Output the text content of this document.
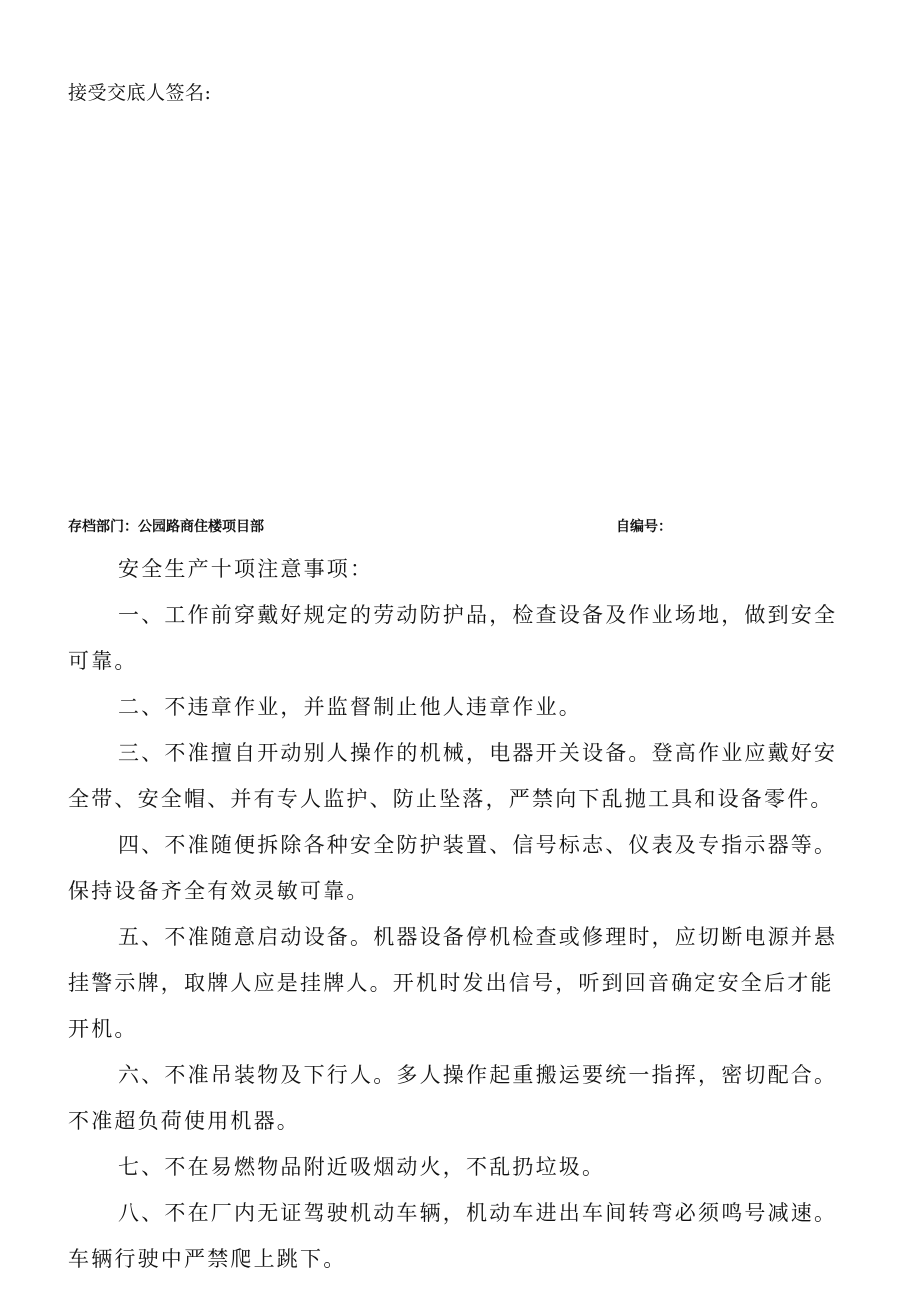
接受交底人签名:
存档部门：公园路商住楼项目部	自编号：

安全生产十项注意事项：

一、工作前穿戴好规定的劳动防护品，检查设备及作业场地，做到安全可靠。

二、不违章作业，并监督制止他人违章作业。

三、不准擅自开动别人操作的机械，电器开关设备。登高作业应戴好安全带、安全帽、并有专人监护、防止坠落，严禁向下乱抛工具和设备零件。

四、不准随便拆除各种安全防护装置、信号标志、仪表及专指示器等。保持设备齐全有效灵敏可靠。

五、不准随意启动设备。机器设备停机检查或修理时，应切断电源并悬挂警示牌，取牌人应是挂牌人。开机时发出信号，听到回音确定安全后才能开机。

六、不准吊装物及下行人。多人操作起重搬运要统一指挥，密切配合。不准超负荷使用机器。

七、不在易燃物品附近吸烟动火，不乱扔垃圾。

八、不在厂内无证驾驶机动车辆，机动车进出车间转弯必须鸣号减速。车辆行驶中严禁爬上跳下。
